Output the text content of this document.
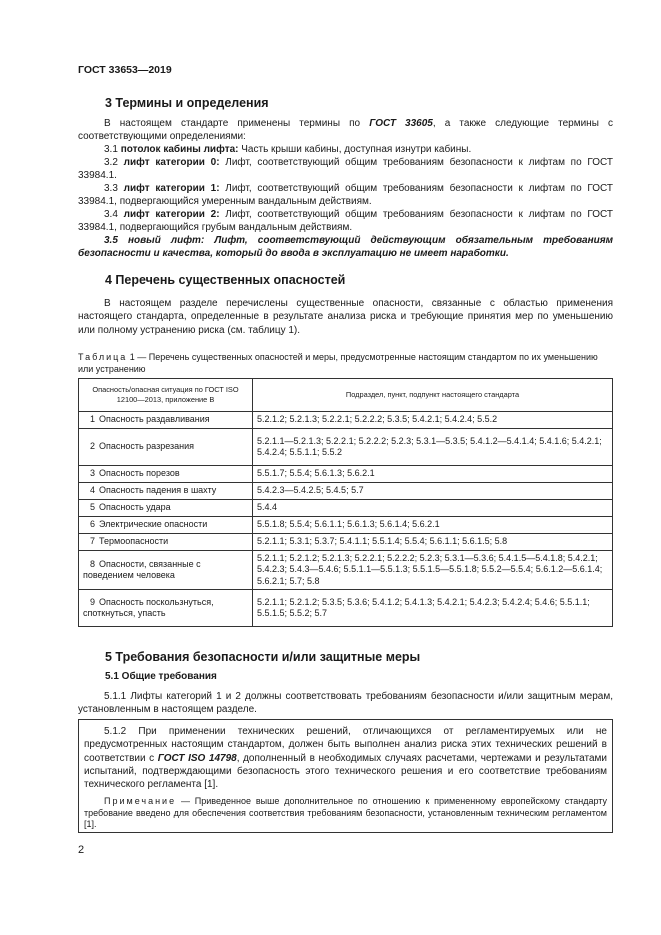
ГОСТ 33653—2019
3 Термины и определения
В настоящем стандарте применены термины по ГОСТ 33605, а также следующие термины с соответствующими определениями:
3.1 потолок кабины лифта: Часть крыши кабины, доступная изнутри кабины.
3.2 лифт категории 0: Лифт, соответствующий общим требованиям безопасности к лифтам по ГОСТ 33984.1.
3.3 лифт категории 1: Лифт, соответствующий общим требованиям безопасности к лифтам по ГОСТ 33984.1, подвергающийся умеренным вандальным действиям.
3.4 лифт категории 2: Лифт, соответствующий общим требованиям безопасности к лифтам по ГОСТ 33984.1, подвергающийся грубым вандальным действиям.
3.5 новый лифт: Лифт, соответствующий действующим обязательным требованиям безопасности и качества, который до ввода в эксплуатацию не имеет наработки.
4 Перечень существенных опасностей
В настоящем разделе перечислены существенные опасности, связанные с областью применения настоящего стандарта, определенные в результате анализа риска и требующие принятия мер по уменьшению или полному устранению риска (см. таблицу 1).
Таблица 1 — Перечень существенных опасностей и меры, предусмотренные настоящим стандартом по их уменьшению или устранению
Опасность/опасная ситуация по ГОСТ ISO 12100—2013, приложение В	Подраздел, пункт, подпункт настоящего стандарта
1 Опасность раздавливания	5.2.1.2; 5.2.1.3; 5.2.2.1; 5.2.2.2; 5.3.5; 5.4.2.1; 5.4.2.4; 5.5.2
2 Опасность разрезания	5.2.1.1—5.2.1.3; 5.2.2.1; 5.2.2.2; 5.2.3; 5.3.1—5.3.5; 5.4.1.2—5.4.1.4; 5.4.1.6; 5.4.2.1; 5.4.2.4; 5.5.1.1; 5.5.2
3 Опасность порезов	5.5.1.7; 5.5.4; 5.6.1.3; 5.6.2.1
4 Опасность падения в шахту	5.4.2.3—5.4.2.5; 5.4.5; 5.7
5 Опасность удара	5.4.4
6 Электрические опасности	5.5.1.8; 5.5.4; 5.6.1.1; 5.6.1.3; 5.6.1.4; 5.6.2.1
7 Термоопасности	5.2.1.1; 5.3.1; 5.3.7; 5.4.1.1; 5.5.1.4; 5.5.4; 5.6.1.1; 5.6.1.5; 5.8
8 Опасности, связанные с поведением человека	5.2.1.1; 5.2.1.2; 5.2.1.3; 5.2.2.1; 5.2.2.2; 5.2.3; 5.3.1—5.3.6; 5.4.1.5—5.4.1.8; 5.4.2.1; 5.4.2.3; 5.4.3—5.4.6; 5.5.1.1—5.5.1.3; 5.5.1.5—5.5.1.8; 5.5.2—5.5.4; 5.6.1.2—5.6.1.4; 5.6.2.1; 5.7; 5.8
9 Опасность поскользнуться, споткнуться, упасть	5.2.1.1; 5.2.1.2; 5.3.5; 5.3.6; 5.4.1.2; 5.4.1.3; 5.4.2.1; 5.4.2.3; 5.4.2.4; 5.4.6; 5.5.1.1; 5.5.1.5; 5.5.2; 5.7
5 Требования безопасности и/или защитные меры
5.1 Общие требования
5.1.1 Лифты категорий 1 и 2 должны соответствовать требованиям безопасности и/или защитным мерам, установленным в настоящем разделе.
5.1.2 При применении технических решений, отличающихся от регламентируемых или не предусмотренных настоящим стандартом, должен быть выполнен анализ риска этих технических решений в соответствии с ГОСТ ISO 14798, дополненный в необходимых случаях расчетами, чертежами и результатами испытаний, подтверждающими безопасность этого технического решения и его соответствие требованиям технического регламента [1].
Примечание — Приведенное выше дополнительное по отношению к примененному европейскому стандарту требование введено для обеспечения соответствия требованиям безопасности, установленным техническим регламентом [1].
2
